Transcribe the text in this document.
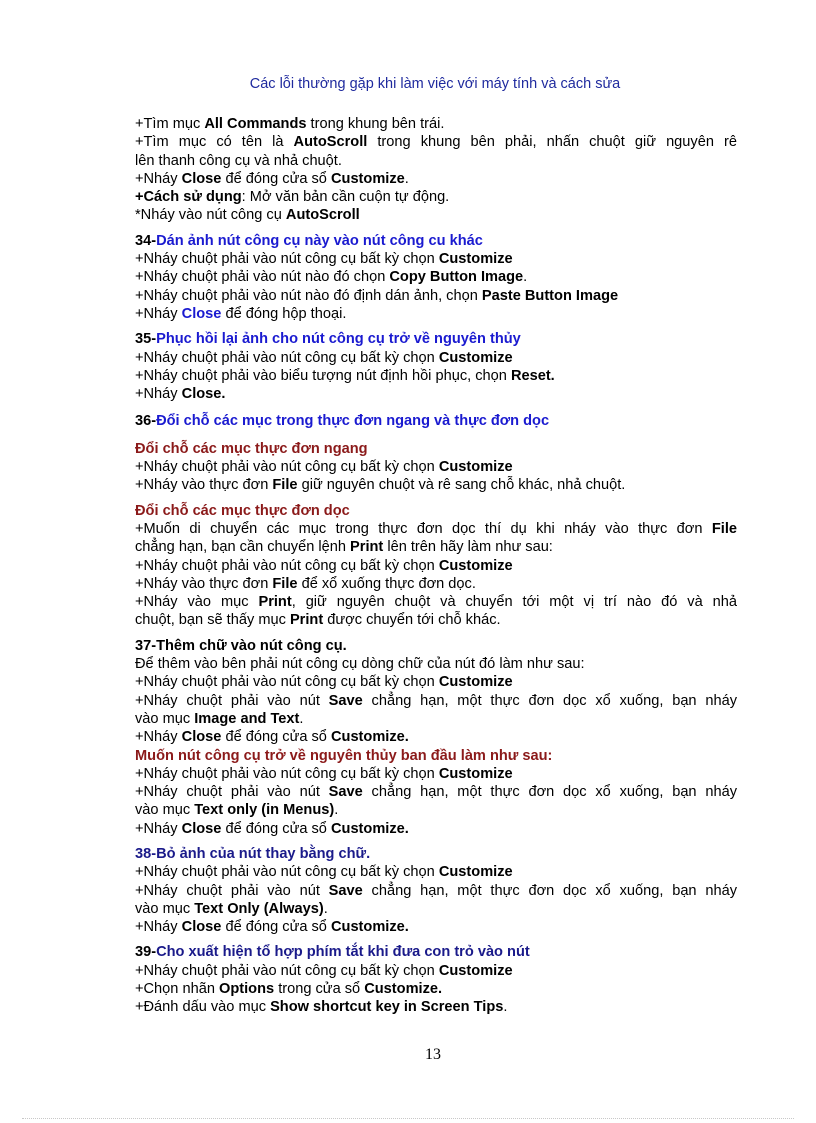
Các lỗi thường gặp khi làm việc với máy tính và cách sửa
+Tìm mục All Commands trong khung bên trái.
+Tìm mục có tên là AutoScroll trong khung bên phải, nhấn chuột giữ nguyên rê
lên thanh công cụ và nhả chuột.
+Nháy Close để đóng cửa sổ Customize.
+Cách sử dụng: Mở văn bản cần cuộn tự động.
*Nháy vào nút công cụ AutoScroll
34-Dán ảnh nút công cụ này vào nút công cu khác
+Nháy chuột phải vào nút công cụ bất kỳ chọn Customize
+Nháy chuột phải vào nút nào đó chọn Copy Button Image.
+Nháy chuột phải vào nút nào đó định dán ảnh, chọn Paste Button Image
+Nháy Close để đóng hộp thoại.
35-Phục hồi lại ảnh cho nút công cụ trở về nguyên thủy
+Nháy chuột phải vào nút công cụ bất kỳ chọn Customize
+Nháy chuột phải vào biểu tượng nút định hồi phục, chọn Reset.
+Nháy Close.
36-Đổi chỗ các mục trong thực đơn ngang và thực đơn dọc
Đổi chỗ các mục thực đơn ngang
+Nháy chuột phải vào nút công cụ bất kỳ chọn Customize
+Nháy vào thực đơn File giữ nguyên chuột và rê sang chỗ khác, nhả chuột.
Đổi chỗ các mục thực đơn dọc
+Muốn di chuyển các mục trong thực đơn dọc thí dụ khi nháy vào thực đơn File
chẳng hạn, bạn cần chuyển lệnh Print lên trên hãy làm như sau:
+Nháy chuột phải vào nút công cụ bất kỳ chọn Customize
+Nháy vào thực đơn File để xổ xuống thực đơn dọc.
+Nháy vào mục Print, giữ nguyên chuột và chuyển tới một vị trí nào đó và nhả
chuột, bạn sẽ thấy mục Print được chuyển tới chỗ khác.
37-Thêm chữ vào nút công cụ.
Để thêm vào bên phải nút công cụ dòng chữ của nút đó làm như sau:
+Nháy chuột phải vào nút công cụ bất kỳ chọn Customize
+Nháy chuột phải vào nút Save chẳng hạn, một thực đơn dọc xổ xuống, bạn nháy
vào mục Image and Text.
+Nháy Close để đóng cửa sổ Customize.
Muốn nút công cụ trở về nguyên thủy ban đầu làm như sau:
+Nháy chuột phải vào nút công cụ bất kỳ chọn Customize
+Nháy chuột phải vào nút Save chẳng hạn, một thực đơn dọc xổ xuống, bạn nháy
vào mục Text only (in Menus).
+Nháy Close để đóng cửa sổ Customize.
38-Bỏ ảnh của nút thay bằng chữ.
+Nháy chuột phải vào nút công cụ bất kỳ chọn Customize
+Nháy chuột phải vào nút Save chẳng hạn, một thực đơn dọc xổ xuống, bạn nháy
vào mục Text Only (Always).
+Nháy Close để đóng cửa sổ Customize.
39-Cho xuất hiện tổ hợp phím tắt khi đưa con trỏ vào nút
+Nháy chuột phải vào nút công cụ bất kỳ chọn Customize
+Chọn nhãn Options trong cửa sổ Customize.
+Đánh dấu vào mục Show shortcut key in Screen Tips.
13
